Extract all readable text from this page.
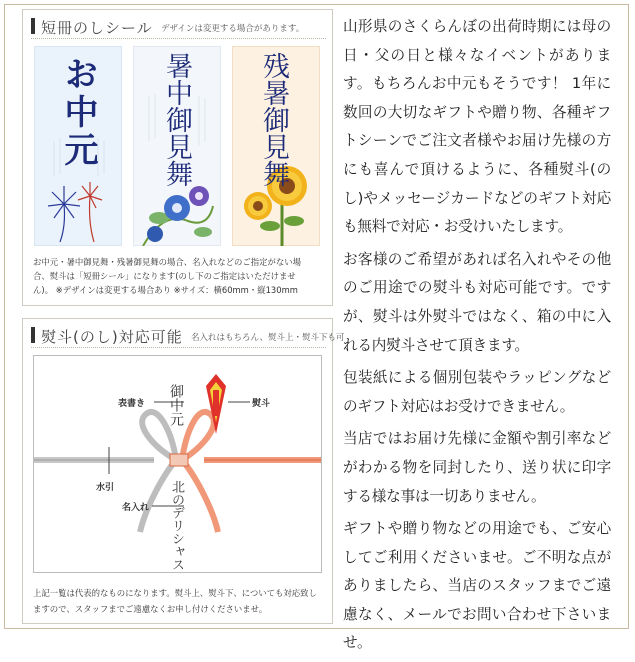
短冊のしシール デザインは変更する場合があります。
お中元 暑中御見舞 残暑御見舞
お中元・暑中御見舞・残暑御見舞の場合、名入れなどのご指定がない場
合、熨斗は「短冊シール」になります(のし下のご指定はいただけませ
ん)。 ※デザインは変更する場合あり ※サイズ：横60mm・縦130mm
熨斗(のし)対応可能 名入れはもちろん、熨斗上・熨斗下も可
表書き	熨斗
水引
名入れ
御中元
北のデリシャス
上記一覧は代表的なものになります。熨斗上、熨斗下、についても対応致し
ますので、スタッフまでご遠慮なくお申し付けくださいませ。

山形県のさくらんぼの出荷時期には母の日・父の日と様々なイベントがあります。もちろんお中元もそうです！ 1年に数回の大切なギフトや贈り物、各種ギフトシーンでご注文者様やお届け先様の方にも喜んで頂けるように、各種熨斗(のし)やメッセージカードなどのギフト対応も無料で対応・お受けいたします。

お客様のご希望があれば名入れやその他のご用途での熨斗も対応可能です。ですが、熨斗は外熨斗ではなく、箱の中に入れる内熨斗させて頂きます。

包装紙による個別包装やラッピングなどのギフト対応はお受けできません。

当店ではお届け先様に金額や割引率などがわかる物を同封したり、送り状に印字する様な事は一切ありません。

ギフトや贈り物などの用途でも、ご安心してご利用くださいませ。ご不明な点がありましたら、当店のスタッフまでご遠慮なく、メールでお問い合わせ下さいませ。
